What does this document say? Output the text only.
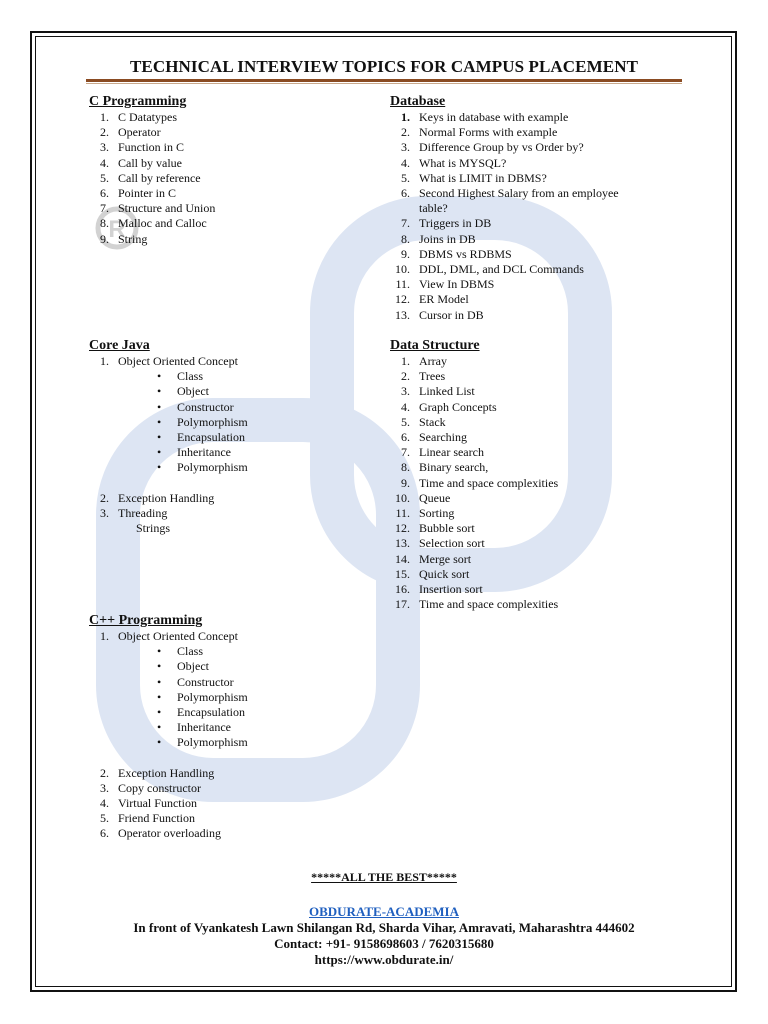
R
TECHNICAL INTERVIEW TOPICS FOR CAMPUS PLACEMENT
C Programming
1. C Datatypes
2. Operator
3. Function in C
4. Call by value
5. Call by reference
6. Pointer in C
7. Structure and Union
8. Malloc and Calloc
9. String
Database
1. Keys in database with example
2. Normal Forms with example
3. Difference Group by vs Order by?
4. What is MYSQL?
5. What is LIMIT in DBMS?
6. Second Highest Salary from an employee
table?
7. Triggers in DB
8. Joins in DB
9. DBMS vs RDBMS
10. DDL, DML, and DCL Commands
11. View In DBMS
12. ER Model
13. Cursor in DB
Core Java
1. Object Oriented Concept
•	Class
•	Object
•	Constructor
•	Polymorphism
•	Encapsulation
•	Inheritance
•	Polymorphism
2. Exception Handling
3. Threading
Strings
Data Structure
1. Array
2. Trees
3. Linked List
4. Graph Concepts
5. Stack
6. Searching
7. Linear search
8. Binary search,
9. Time and space complexities
10. Queue
11. Sorting
12. Bubble sort
13. Selection sort
14. Merge sort
15. Quick sort
16. Insertion sort
17. Time and space complexities
C++ Programming
1. Object Oriented Concept
•	Class
•	Object
•	Constructor
•	Polymorphism
•	Encapsulation
•	Inheritance
•	Polymorphism
2. Exception Handling
3. Copy constructor
4. Virtual Function
5. Friend Function
6. Operator overloading
*****ALL THE BEST*****
OBDURATE-ACADEMIA
In front of Vyankatesh Lawn Shilangan Rd, Sharda Vihar, Amravati, Maharashtra 444602
Contact: +91- 9158698603 / 7620315680
https://www.obdurate.in/
